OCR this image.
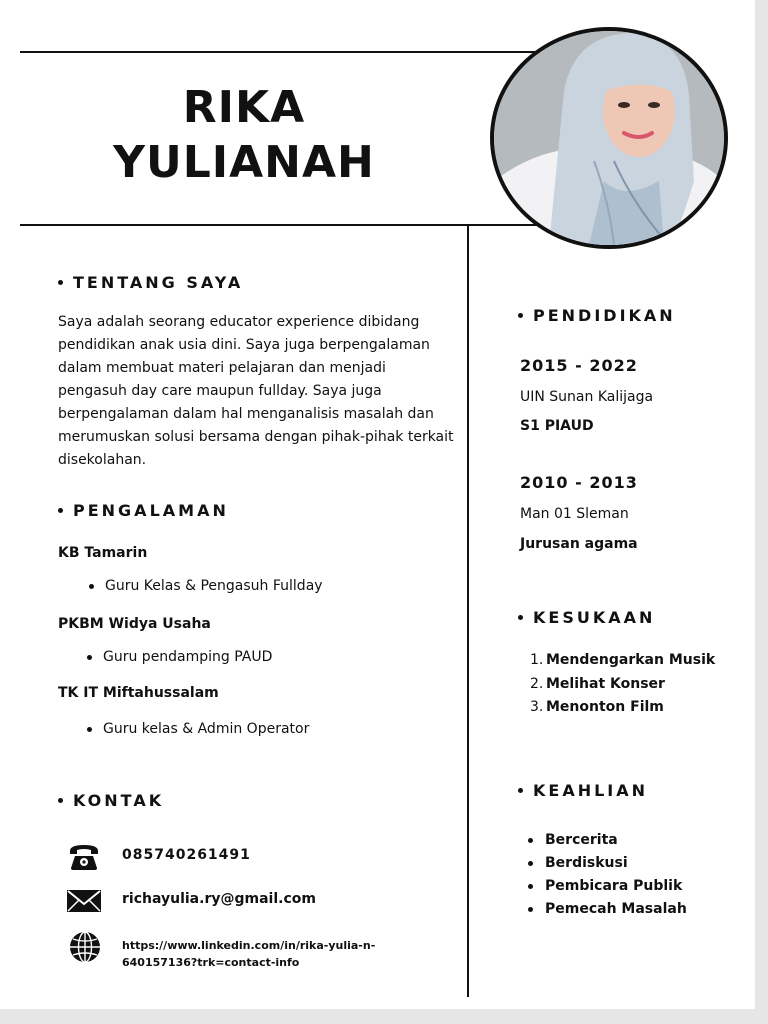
RIKA
YULIANAH
TENTANG SAYA

Saya adalah seorang educator experience dibidang pendidikan anak usia dini. Saya juga berpengalaman dalam membuat materi pelajaran dan menjadi pengasuh day care maupun fullday. Saya juga berpengalaman dalam hal menganalisis masalah dan merumuskan solusi bersama dengan pihak-pihak terkait disekolahan.

PENGALAMAN

KB Tamarin

Guru Kelas & Pengasuh Fullday

PKBM Widya Usaha

Guru pendamping PAUD

TK IT Miftahussalam

Guru kelas & Admin Operator

KONTAK

085740261491

richayulia.ry@gmail.com

https://www.linkedin.com/in/rika-yulia-n-
640157136?trk=contact-info

PENDIDIKAN

2015 - 2022

UIN Sunan Kalijaga

S1 PIAUD

2010 - 2013

Man 01 Sleman

Jurusan agama

KESUKAAN
1. Mendengarkan Musik
2. Melihat Konser
3. Menonton Film
KEAHLIAN
Bercerita
Berdiskusi
Pembicara Publik
Pemecah Masalah
